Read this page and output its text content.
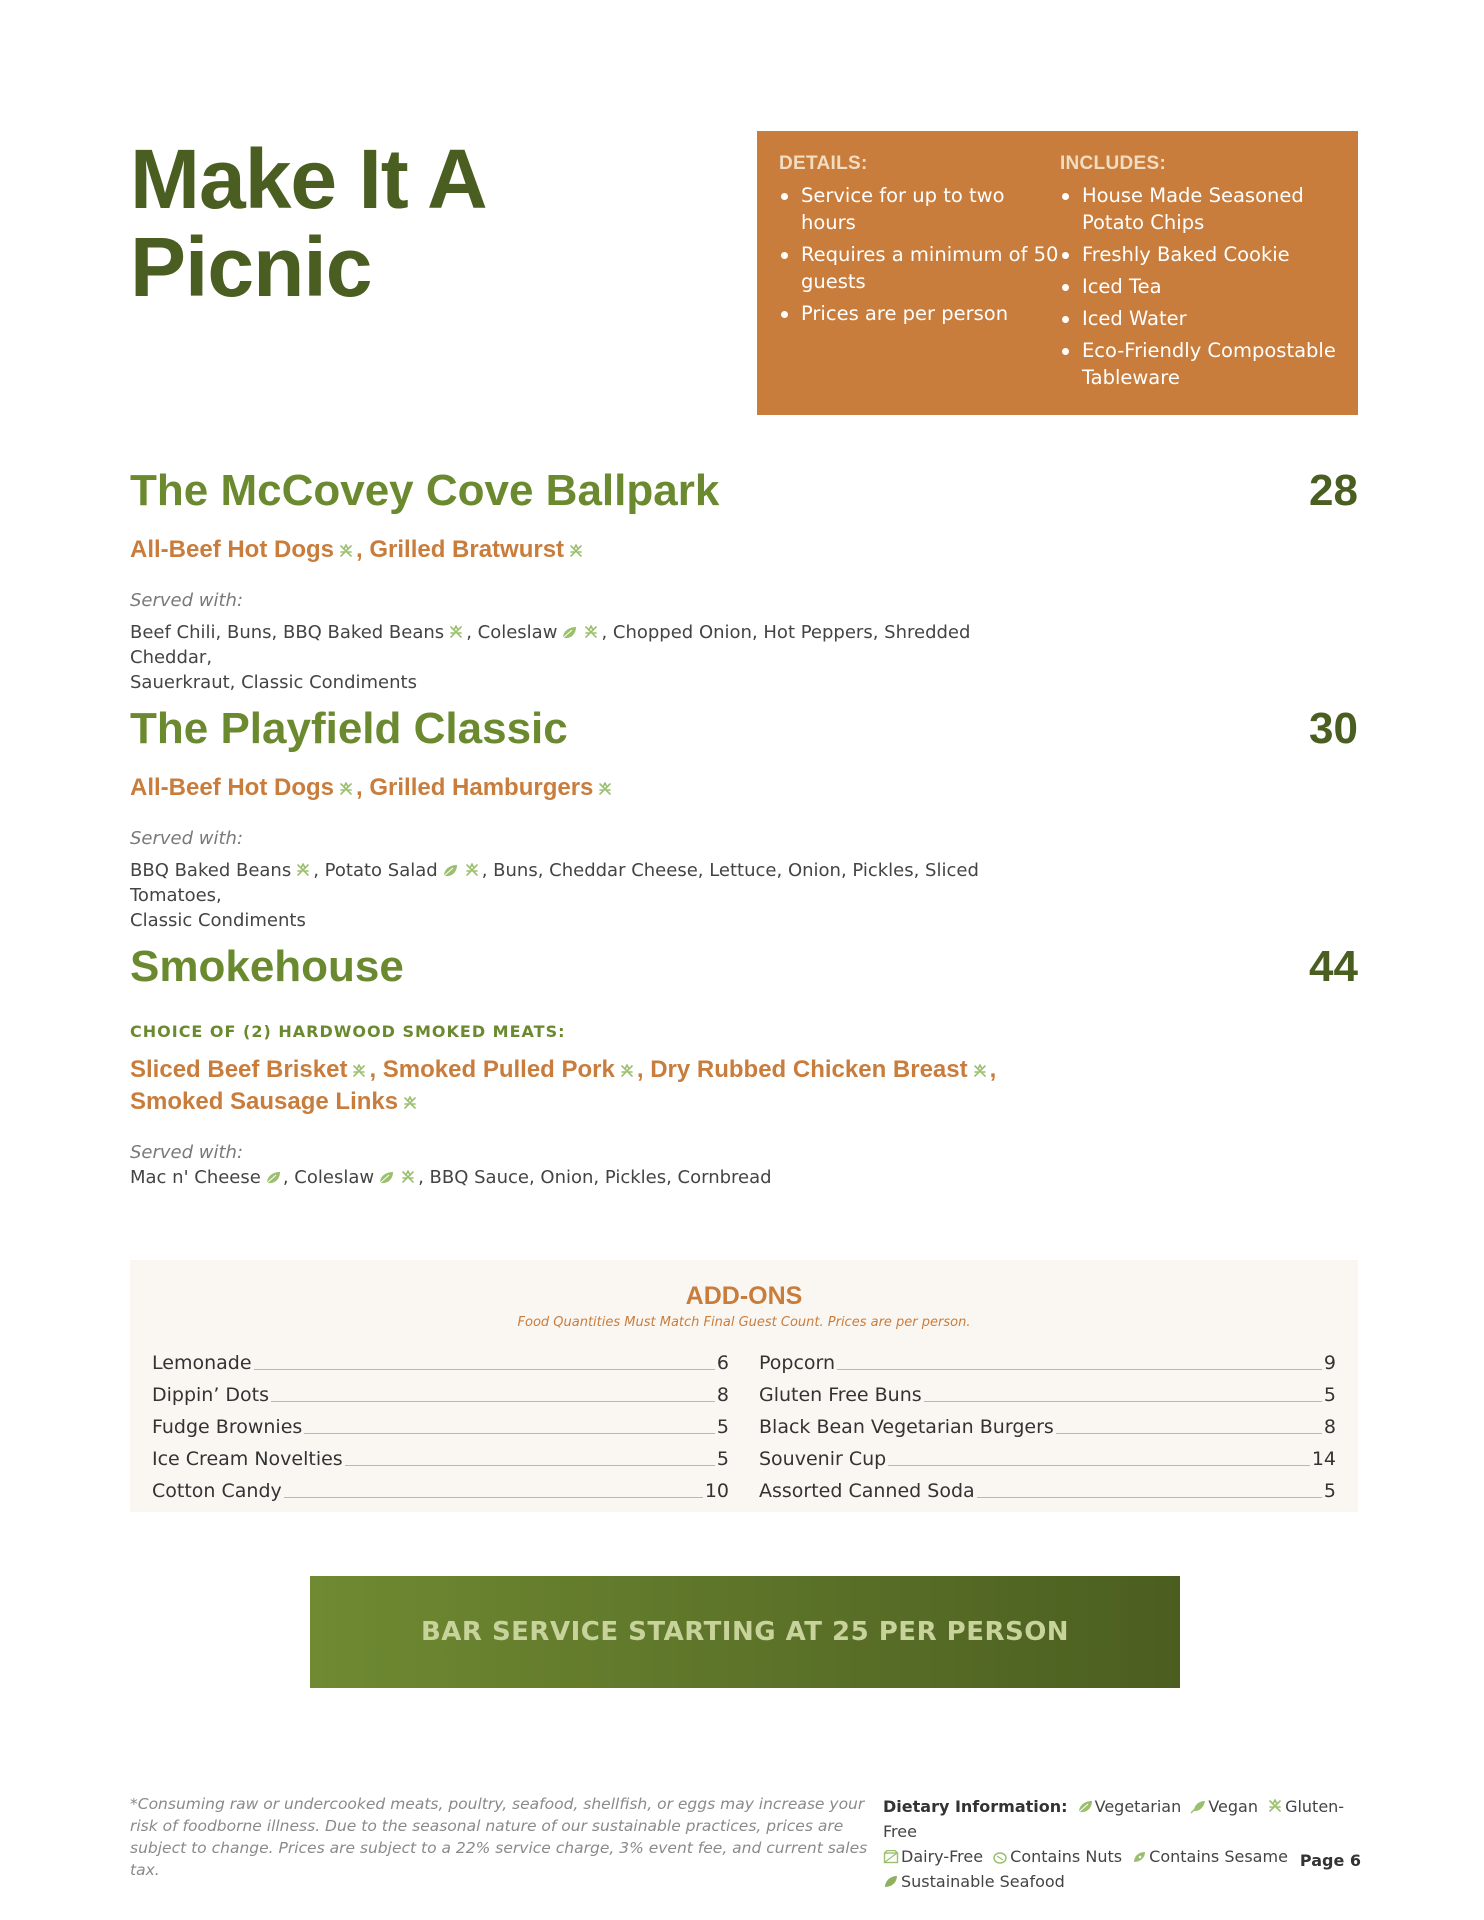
Make It A
Picnic

DETAILS:

Service for up to two hours
Requires a minimum of 50 guests
Prices are per person

INCLUDES:

House Made Seasoned Potato Chips
Freshly Baked Cookie
Iced Tea
Iced Water
Eco-Friendly Compostable Tableware
The McCovey Cove Ballpark	28

All-Beef Hot Dogs , Grilled Bratwurst

Served with:

Beef Chili, Buns, BBQ Baked Beans , Coleslaw , Chopped Onion, Hot Peppers, Shredded Cheddar,
Sauerkraut, Classic Condiments

The Playfield Classic	30

All-Beef Hot Dogs , Grilled Hamburgers

Served with:

BBQ Baked Beans , Potato Salad , Buns, Cheddar Cheese, Lettuce, Onion, Pickles, Sliced Tomatoes,
Classic Condiments

Smokehouse	44

CHOICE OF (2) HARDWOOD SMOKED MEATS:

Sliced Beef Brisket , Smoked Pulled Pork , Dry Rubbed Chicken Breast ,
Smoked Sausage Links

Served with:

Mac n' Cheese , Coleslaw , BBQ Sauce, Onion, Pickles, Cornbread

ADD-ONS

Food Quantities Must Match Final Guest Count. Prices are per person.

Lemonade	6
Dippin’ Dots	8
Fudge Brownies	5
Ice Cream Novelties	5
Cotton Candy	10
Popcorn	9
Gluten Free Buns	5
Black Bean Vegetarian Burgers	8
Souvenir Cup	14
Assorted Canned Soda	5
BAR SERVICE STARTING AT 25 PER PERSON

*Consuming raw or undercooked meats, poultry, seafood, shellfish, or eggs may increase your risk of foodborne illness. Due to the seasonal nature of our sustainable practices, prices are subject to change. Prices are subject to a 22% service charge, 3% event fee, and current sales tax.

Dietary Information: Vegetarian Vegan Gluten-Free
Dairy-Free Contains Nuts Contains Sesame
Sustainable Seafood

Page 6
